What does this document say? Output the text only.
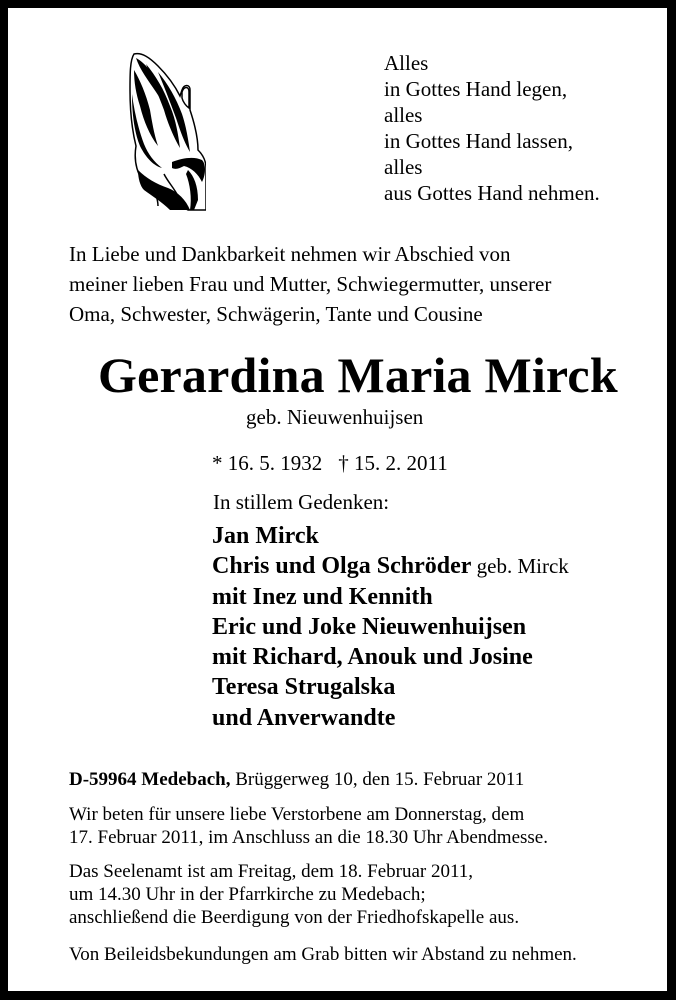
Alles
in Gottes Hand legen,
alles
in Gottes Hand lassen,
alles
aus Gottes Hand nehmen.
In Liebe und Dankbarkeit nehmen wir Abschied von
meiner lieben Frau und Mutter, Schwiegermutter, unserer
Oma, Schwester, Schwägerin, Tante und Cousine
Gerardina Maria Mirck
geb. Nieuwenhuijsen
* 16. 5. 1932 † 15. 2. 2011
In stillem Gedenken:
Jan Mirck
Chris und Olga Schröder geb. Mirck
mit Inez und Kennith
Eric und Joke Nieuwenhuijsen
mit Richard, Anouk und Josine
Teresa Strugalska
und Anverwandte
D-59964 Medebach, Brüggerweg 10, den 15. Februar 2011
Wir beten für unsere liebe Verstorbene am Donnerstag, dem
17. Februar 2011, im Anschluss an die 18.30 Uhr Abendmesse.
Das Seelenamt ist am Freitag, dem 18. Februar 2011,
um 14.30 Uhr in der Pfarrkirche zu Medebach;
anschließend die Beerdigung von der Friedhofskapelle aus.
Von Beileidsbekundungen am Grab bitten wir Abstand zu nehmen.
